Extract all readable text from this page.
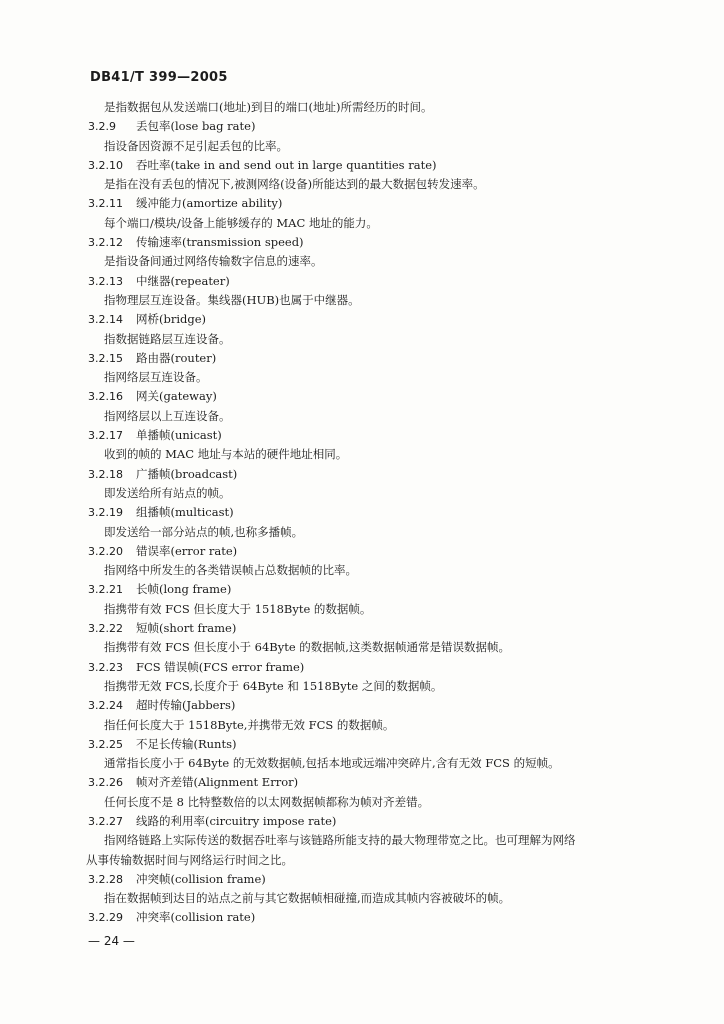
DB41/T 399—2005
是指数据包从发送端口(地址)到目的端口(地址)所需经历的时间。
3.2.9 丢包率(lose bag rate)
指设备因资源不足引起丢包的比率。
3.2.10 吞吐率(take in and send out in large quantities rate)
是指在没有丢包的情况下,被测网络(设备)所能达到的最大数据包转发速率。
3.2.11 缓冲能力(amortize ability)
每个端口/模块/设备上能够缓存的 MAC 地址的能力。
3.2.12 传输速率(transmission speed)
是指设备间通过网络传输数字信息的速率。
3.2.13 中继器(repeater)
指物理层互连设备。集线器(HUB)也属于中继器。
3.2.14 网桥(bridge)
指数据链路层互连设备。
3.2.15 路由器(router)
指网络层互连设备。
3.2.16 网关(gateway)
指网络层以上互连设备。
3.2.17 单播帧(unicast)
收到的帧的 MAC 地址与本站的硬件地址相同。
3.2.18 广播帧(broadcast)
即发送给所有站点的帧。
3.2.19 组播帧(multicast)
即发送给一部分站点的帧,也称多播帧。
3.2.20 错误率(error rate)
指网络中所发生的各类错误帧占总数据帧的比率。
3.2.21 长帧(long frame)
指携带有效 FCS 但长度大于 1518Byte 的数据帧。
3.2.22 短帧(short frame)
指携带有效 FCS 但长度小于 64Byte 的数据帧,这类数据帧通常是错误数据帧。
3.2.23 FCS 错误帧(FCS error frame)
指携带无效 FCS,长度介于 64Byte 和 1518Byte 之间的数据帧。
3.2.24 超时传输(Jabbers)
指任何长度大于 1518Byte,并携带无效 FCS 的数据帧。
3.2.25 不足长传输(Runts)
通常指长度小于 64Byte 的无效数据帧,包括本地或远端冲突碎片,含有无效 FCS 的短帧。
3.2.26 帧对齐差错(Alignment Error)
任何长度不是 8 比特整数倍的以太网数据帧都称为帧对齐差错。
3.2.27 线路的利用率(circuitry impose rate)
指网络链路上实际传送的数据吞吐率与该链路所能支持的最大物理带宽之比。也可理解为网络
从事传输数据时间与网络运行时间之比。
3.2.28 冲突帧(collision frame)
指在数据帧到达目的站点之前与其它数据帧相碰撞,而造成其帧内容被破坏的帧。
3.2.29 冲突率(collision rate)
— 24 —
